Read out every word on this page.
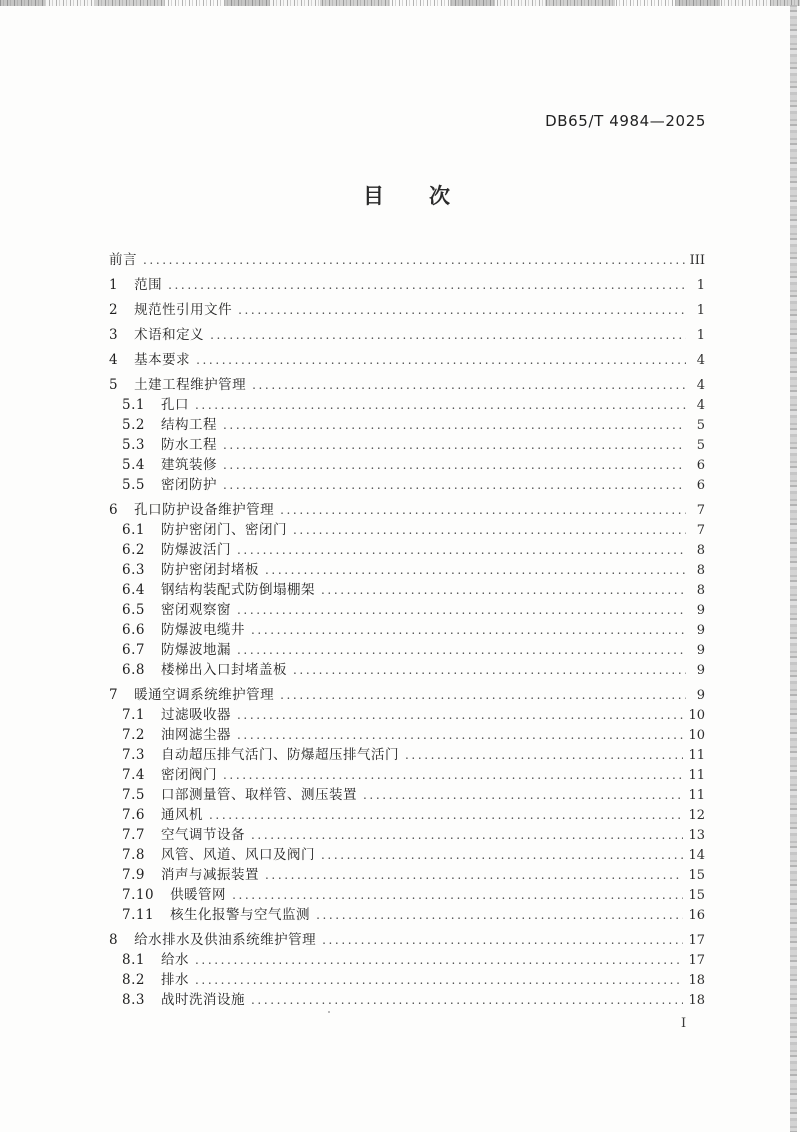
DB65/T 4984—2025
目　　次
前言 .....	III
1 范围 .....	1
2 规范性引用文件 .....	1
3 术语和定义 .....	1
4 基本要求 .....	4
5 土建工程维护管理 .....	4
5.1 孔口 .....	4
5.2 结构工程 .....	5
5.3 防水工程 .....	5
5.4 建筑装修 .....	6
5.5 密闭防护 .....	6
6 孔口防护设备维护管理 .....	7
6.1 防护密闭门、密闭门 .....	7
6.2 防爆波活门 .....	8
6.3 防护密闭封堵板 .....	8
6.4 钢结构装配式防倒塌棚架 .....	8
6.5 密闭观察窗 .....	9
6.6 防爆波电缆井 .....	9
6.7 防爆波地漏 .....	9
6.8 楼梯出入口封堵盖板 .....	9
7 暖通空调系统维护管理 .....	9
7.1 过滤吸收器 .....	10
7.2 油网滤尘器 .....	10
7.3 自动超压排气活门、防爆超压排气活门 .....	11
7.4 密闭阀门 .....	11
7.5 口部测量管、取样管、测压装置 .....	11
7.6 通风机 .....	12
7.7 空气调节设备 .....	13
7.8 风管、风道、风口及阀门 .....	14
7.9 消声与减振装置 .....	15
7.10 供暖管网 .....	15
7.11 核生化报警与空气监测 .....	16
8 给水排水及供油系统维护管理 .....	17
8.1 给水 .....	17
8.2 排水 .....	18
8.3 战时洗消设施 .....	18
I
